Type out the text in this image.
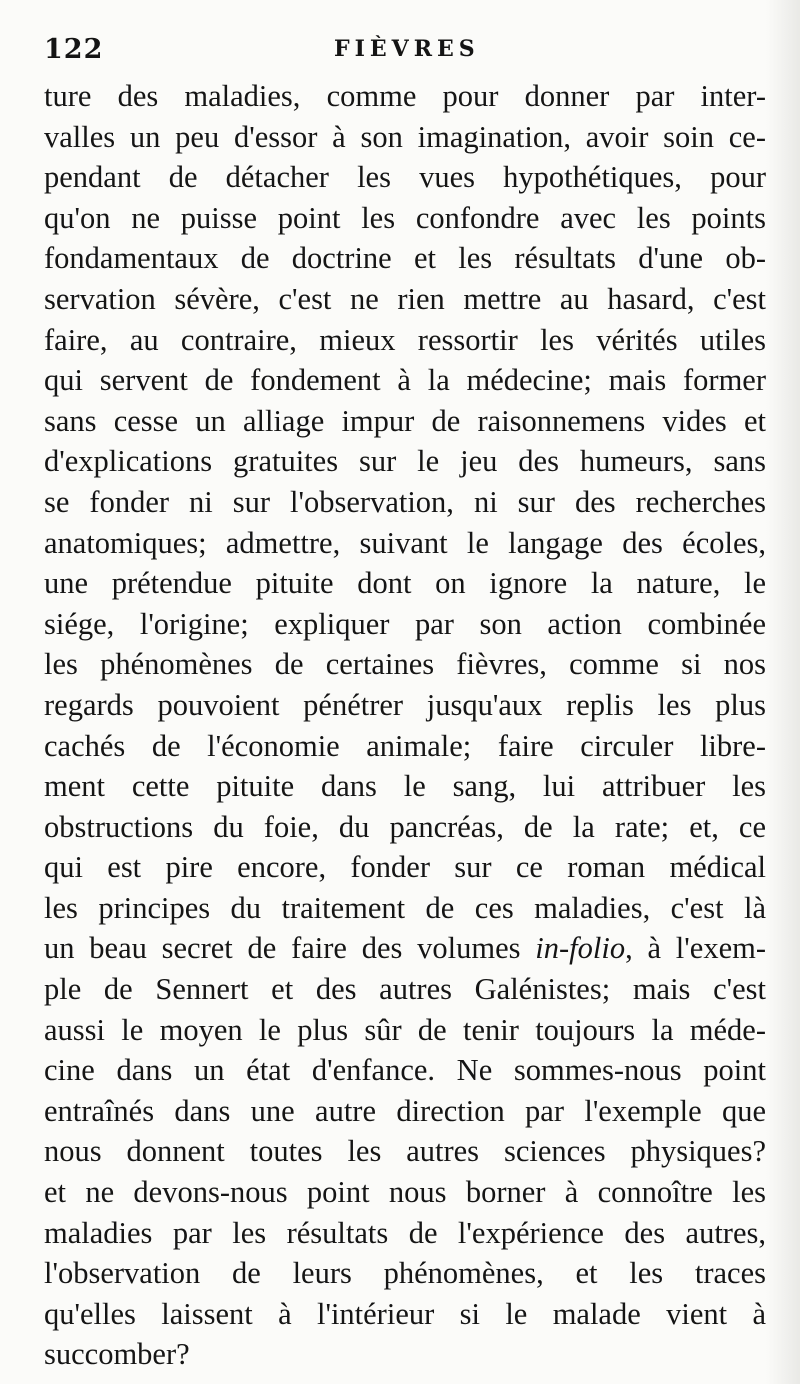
122	FIÈVRES
ture des maladies, comme pour donner par inter-
valles un peu d'essor à son imagination, avoir soin ce-
pendant de détacher les vues hypothétiques, pour
qu'on ne puisse point les confondre avec les points
fondamentaux de doctrine et les résultats d'une ob-
servation sévère, c'est ne rien mettre au hasard, c'est
faire, au contraire, mieux ressortir les vérités utiles
qui servent de fondement à la médecine; mais former
sans cesse un alliage impur de raisonnemens vides et
d'explications gratuites sur le jeu des humeurs, sans
se fonder ni sur l'observation, ni sur des recherches
anatomiques; admettre, suivant le langage des écoles,
une prétendue pituite dont on ignore la nature, le
siége, l'origine; expliquer par son action combinée
les phénomènes de certaines fièvres, comme si nos
regards pouvoient pénétrer jusqu'aux replis les plus
cachés de l'économie animale; faire circuler libre-
ment cette pituite dans le sang, lui attribuer les
obstructions du foie, du pancréas, de la rate; et, ce
qui est pire encore, fonder sur ce roman médical
les principes du traitement de ces maladies, c'est là
un beau secret de faire des volumes in-folio, à l'exem-
ple de Sennert et des autres Galénistes; mais c'est
aussi le moyen le plus sûr de tenir toujours la méde-
cine dans un état d'enfance. Ne sommes-nous point
entraînés dans une autre direction par l'exemple que
nous donnent toutes les autres sciences physiques?
et ne devons-nous point nous borner à connoître les
maladies par les résultats de l'expérience des autres,
l'observation de leurs phénomènes, et les traces
qu'elles laissent à l'intérieur si le malade vient à
succomber?
